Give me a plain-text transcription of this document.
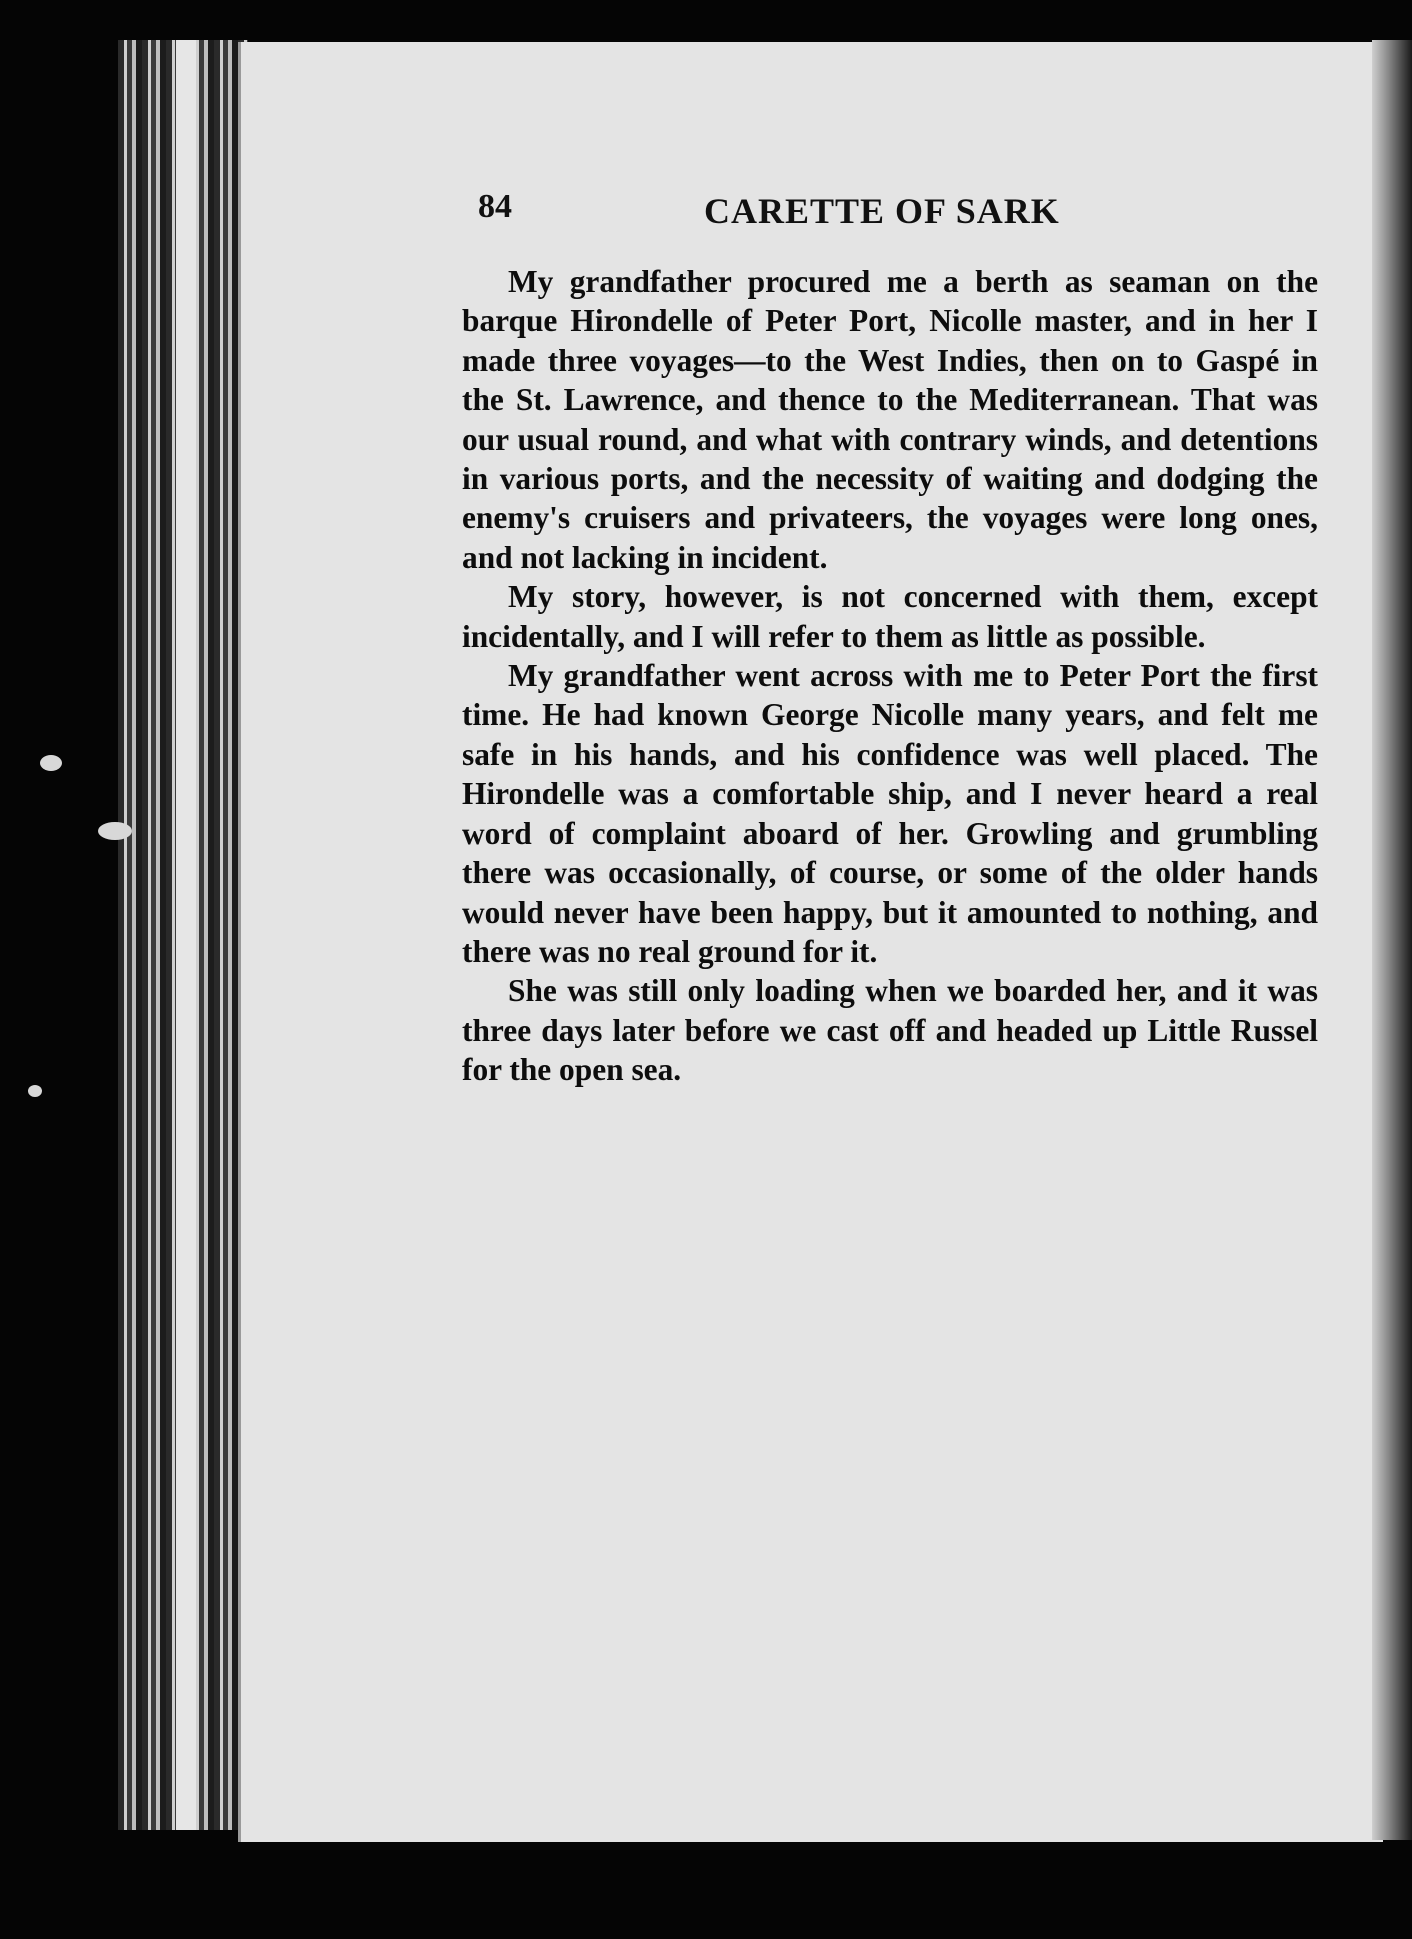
84	CARETTE OF SARK

My grandfather procured me a berth as seaman on the barque Hirondelle of Peter Port, Nicolle master, and in her I made three voyages—to the West Indies, then on to Gaspé in the St. Lawrence, and thence to the Mediterranean. That was our usual round, and what with contrary winds, and detentions in various ports, and the necessity of waiting and dodging the enemy's cruisers and privateers, the voyages were long ones, and not lacking in incident.

My story, however, is not concerned with them, except incidentally, and I will refer to them as little as possible.

My grandfather went across with me to Peter Port the first time. He had known George Nicolle many years, and felt me safe in his hands, and his confidence was well placed. The Hirondelle was a comfortable ship, and I never heard a real word of complaint aboard of her. Growling and grumbling there was occasionally, of course, or some of the older hands would never have been happy, but it amounted to nothing, and there was no real ground for it.

She was still only loading when we boarded her, and it was three days later before we cast off and headed up Little Russel for the open sea.
